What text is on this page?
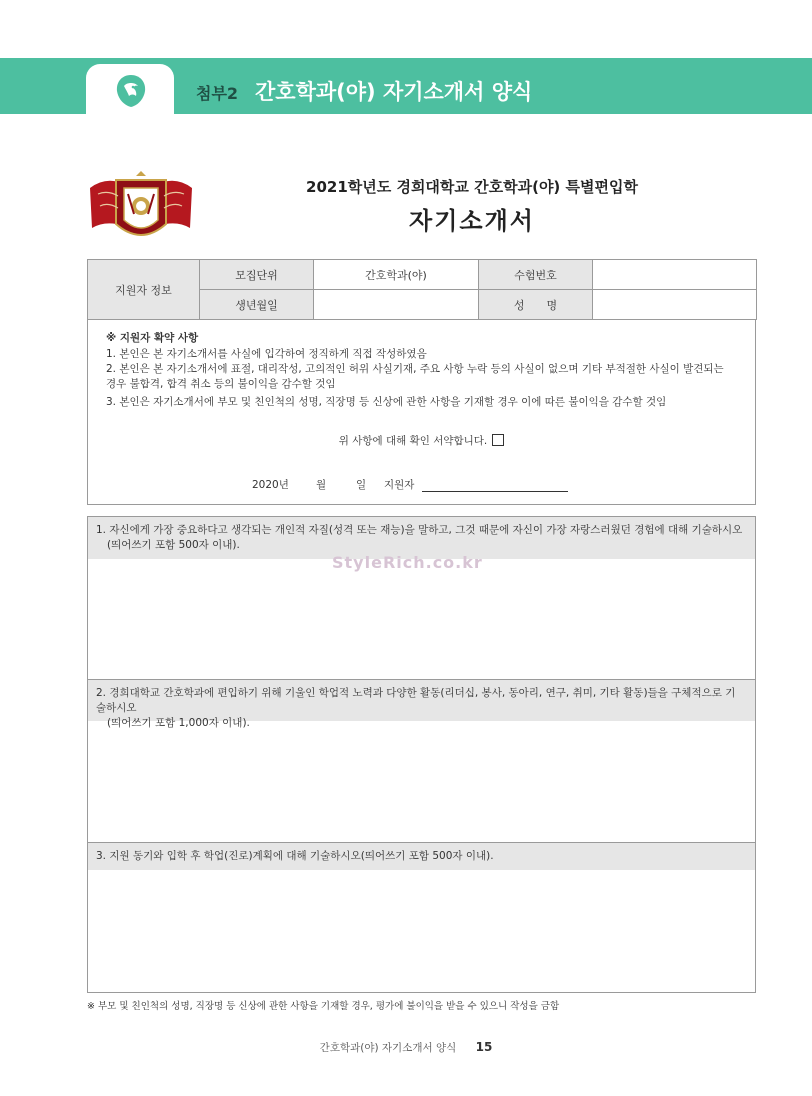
첨부2 간호학과(야) 자기소개서 양식
2021학년도 경희대학교 간호학과(야) 특별편입학
자기소개서
지원자 정보	모집단위	간호학과(야)	수험번호	
	생년월일		성　　명	
※ 지원자 확약 사항
1. 본인은 본 자기소개서를 사실에 입각하여 정직하게 직접 작성하였음
2. 본인은 본 자기소개서에 표절, 대리작성, 고의적인 허위 사실기재, 주요 사항 누락 등의 사실이 없으며 기타 부적절한 사실이 발견되는 경우 불합격, 합격 취소 등의 불이익을 감수할 것임
3. 본인은 자기소개서에 부모 및 친인척의 성명, 직장명 등 신상에 관한 사항을 기재할 경우 이에 따른 불이익을 감수할 것임
위 사항에 대해 확인 서약합니다.
2020년	월	일 지원자
1. 자신에게 가장 중요하다고 생각되는 개인적 자질(성격 또는 재능)을 말하고, 그것 때문에 자신이 가장 자랑스러웠던 경험에 대해 기술하시오
(띄어쓰기 포함 500자 이내).
2. 경희대학교 간호학과에 편입하기 위해 기울인 학업적 노력과 다양한 활동(리더십, 봉사, 동아리, 연구, 취미, 기타 활동)들을 구체적으로 기술하시오
(띄어쓰기 포함 1,000자 이내).
3. 지원 동기와 입학 후 학업(진로)계획에 대해 기술하시오(띄어쓰기 포함 500자 이내).
StyleRich.co.kr
※ 부모 및 친인척의 성명, 직장명 등 신상에 관한 사항을 기재할 경우, 평가에 불이익을 받을 수 있으니 작성을 금함
간호학과(야) 자기소개서 양식 15
